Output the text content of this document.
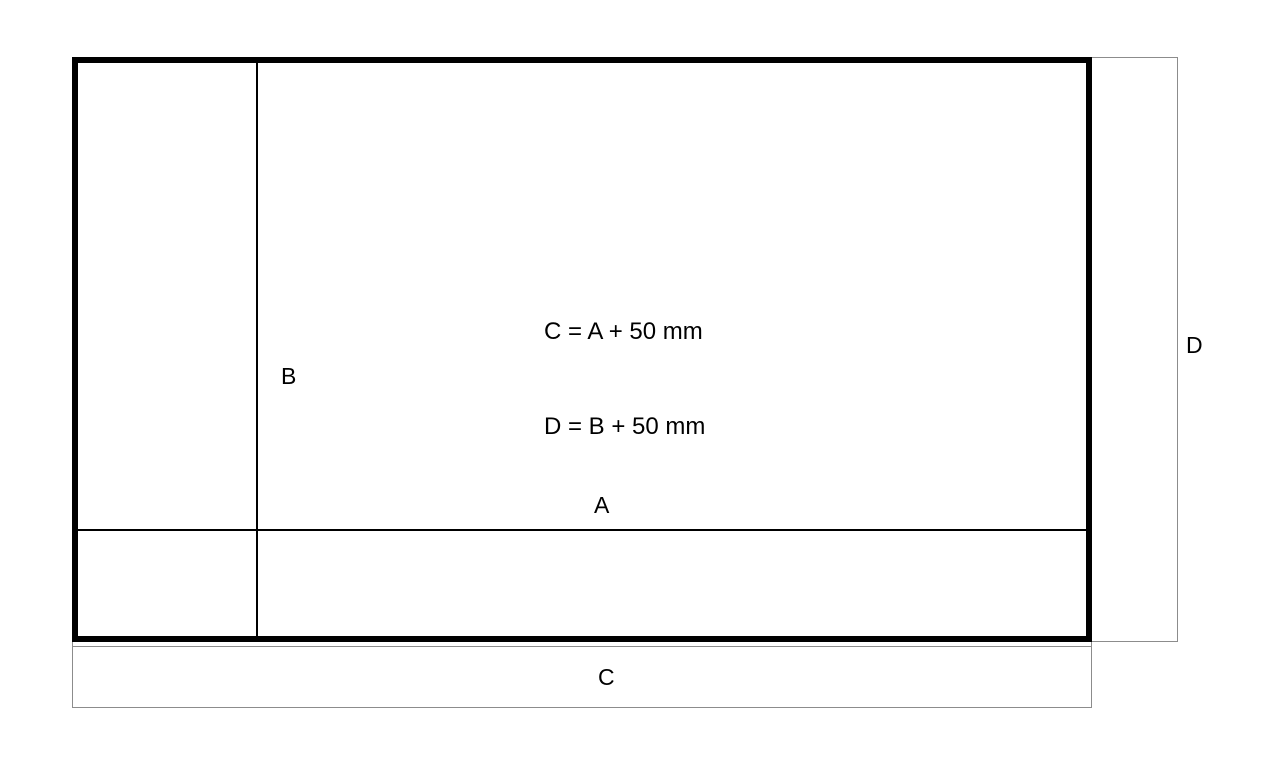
C = A + 50 mm

D = B + 50 mm

B
A
C
D
